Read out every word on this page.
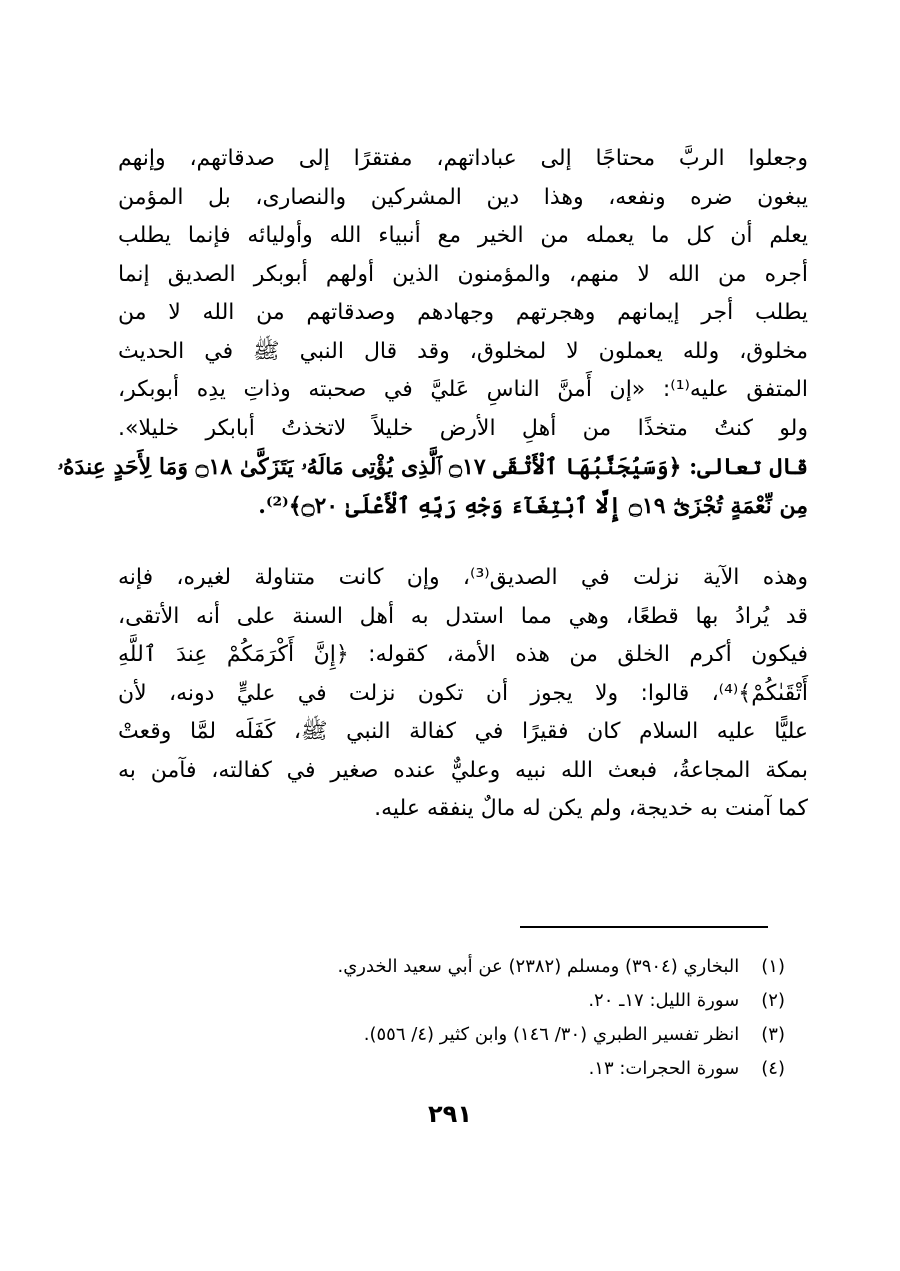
وجعلوا الربَّ محتاجًا إلى عباداتهم، مفتقرًا إلى صدقاتهم، وإنهم
يبغون ضره ونفعه، وهذا دين المشركين والنصارى، بل المؤمن
يعلم أن كل ما يعمله من الخير مع أنبياء الله وأوليائه فإنما يطلب
أجره من الله لا منهم، والمؤمنون الذين أولهم أبوبكر الصديق إنما
يطلب أجر إيمانهم وهجرتهم وجهادهم وصدقاتهم من الله لا من
مخلوق، ولله يعملون لا لمخلوق، وقد قال النبي ﷺ في الحديث
المتفق عليه⁽¹⁾: «إن أَمنَّ الناسِ عَليَّ في صحبته وذاتِ يدِه أبوبكر،
ولو كنتُ متخذًا من أهلِ الأرض خليلاً لاتخذتُ أبابكر خليلا».
قال تعالى: ﴿وَسَيُجَنَّبُهَا ٱلْأَتْقَى ۝١٧ ٱلَّذِى يُؤْتِى مَالَهُۥ يَتَزَكَّىٰ ۝١٨ وَمَا لِأَحَدٍ عِندَهُۥ
مِن نِّعْمَةٍ تُجْزَىٰٓ ۝١٩ إِلَّا ٱبْتِغَآءَ وَجْهِ رَبِّهِ ٱلْأَعْلَىٰ ۝٢٠﴾⁽²⁾.
وهذه الآية نزلت في الصديق⁽³⁾، وإن كانت متناولة لغيره، فإنه
قد يُرادُ بها قطعًا، وهي مما استدل به أهل السنة على أنه الأتقى،
فيكون أكرم الخلق من هذه الأمة، كقوله: ﴿إِنَّ أَكْرَمَكُمْ عِندَ ٱللَّهِ
أَتْقَىٰكُمْ﴾⁽⁴⁾، قالوا: ولا يجوز أن تكون نزلت في عليٍّ دونه، لأن
عليًّا عليه السلام كان فقيرًا في كفالة النبي ﷺ، كَفَلَه لمَّا وقعتْ
بمكة المجاعةُ، فبعث الله نبيه وعليٌّ عنده صغير في كفالته، فآمن به
كما آمنت به خديجة، ولم يكن له مالٌ ينفقه عليه.
(١) البخاري (٣٩٠٤) ومسلم (٢٣٨٢) عن أبي سعيد الخدري.
(٢) سورة الليل: ١٧ـ ٢٠.
(٣) انظر تفسير الطبري (٣٠/ ١٤٦) وابن كثير (٤/ ٥٥٦).
(٤) سورة الحجرات: ١٣.
٢٩١
